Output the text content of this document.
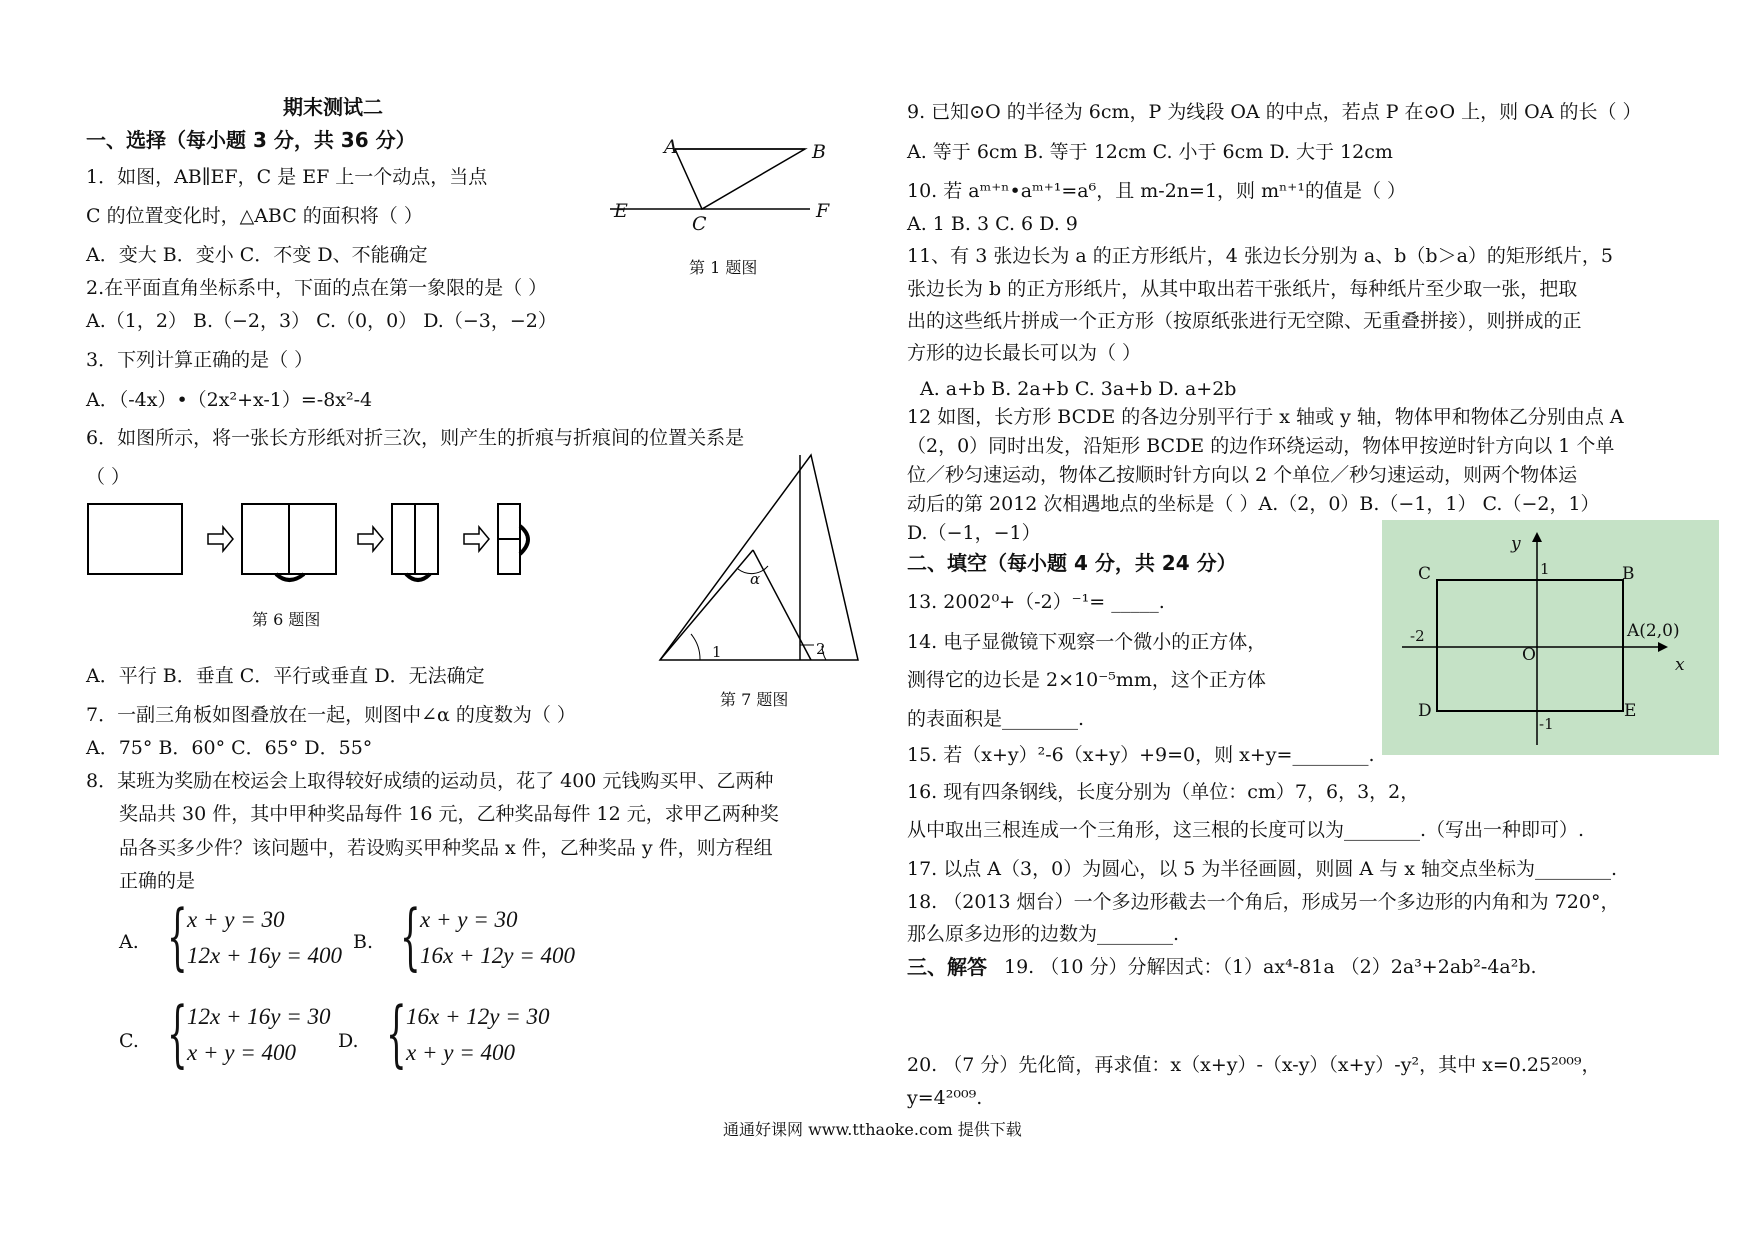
期末测试二
一、选择（每小题 3 分，共 36 分）
1．如图，AB∥EF，C 是 EF 上一个动点，当点
C 的位置变化时，△ABC 的面积将（ ）
A．变大 B．变小 C．不变 D、不能确定
A	B
E
C
F
第 1 题图
2.在平面直角坐标系中，下面的点在第一象限的是（ ）
A.（1，2） B.（−2，3） C.（0，0） D.（−3，−2）
3．下列计算正确的是（ ）
A．（-4x）•（2x²+x-1）=-8x²-4
6．如图所示，将一张长方形纸对折三次，则产生的折痕与折痕间的位置关系是
（ ）
第 6 题图
α
1	2
第 7 题图
A．平行 B．垂直 C．平行或垂直 D．无法确定
7．一副三角板如图叠放在一起，则图中∠α 的度数为（ ）
A．75° B．60° C．65° D．55°
8．某班为奖励在校运会上取得较好成绩的运动员，花了 400 元钱购买甲、乙两种
奖品共 30 件，其中甲种奖品每件 16 元，乙种奖品每件 12 元，求甲乙两种奖
品各买多少件？该问题中，若设购买甲种奖品 x 件，乙种奖品 y 件，则方程组
正确的是
A. { x + y = 30
12x + 16y = 400
B. { x + y = 30
16x + 12y = 400
C. { 12x + 16y = 30
x + y = 400 D. { 16x + 12y = 30
x + y = 400
9. 已知⊙O 的半径为 6cm，P 为线段 OA 的中点，若点 P 在⊙O 上，则 OA 的长（ ）
A. 等于 6cm B. 等于 12cm C. 小于 6cm D. 大于 12cm
10. 若 aᵐ⁺ⁿ•aᵐ⁺¹=a⁶，且 m-2n=1，则 mⁿ⁺¹的值是（ ）
A. 1 B. 3 C. 6 D. 9
11、有 3 张边长为 a 的正方形纸片，4 张边长分别为 a、b（b＞a）的矩形纸片，5
张边长为 b 的正方形纸片，从其中取出若干张纸片，每种纸片至少取一张，把取
出的这些纸片拼成一个正方形（按原纸张进行无空隙、无重叠拼接），则拼成的正
方形的边长最长可以为（ ）
A. a+b B. 2a+b C. 3a+b D. a+2b
12 如图，长方形 BCDE 的各边分别平行于 x 轴或 y 轴，物体甲和物体乙分别由点 A
（2，0）同时出发，沿矩形 BCDE 的边作环绕运动，物体甲按逆时针方向以 1 个单
位／秒匀速运动，物体乙按顺时针方向以 2 个单位／秒匀速运动，则两个物体运
动后的第 2012 次相遇地点的坐标是（ ）A.（2，0）B.（−1，1） C.（−2，1）
D.（−1，−1）	y
x
O
C	B
D	E
A(2,0)
1
-1
-2
二、填空（每小题 4 分，共 24 分）
13. 2002⁰+（-2）⁻¹= _____.
14. 电子显微镜下观察一个微小的正方体，
测得它的边长是 2×10⁻⁵mm，这个正方体
的表面积是________.
15. 若（x+y）²-6（x+y）+9=0，则 x+y=________.
16. 现有四条钢线，长度分别为（单位：cm）7，6，3，2，
从中取出三根连成一个三角形，这三根的长度可以为________.（写出一种即可）.
17. 以点 A（3，0）为圆心，以 5 为半径画圆，则圆 A 与 x 轴交点坐标为________.
18. （2013 烟台）一个多边形截去一个角后，形成另一个多边形的内角和为 720°，
那么原多边形的边数为________.
三、解答 19. （10 分）分解因式：（1）ax⁴-81a （2）2a³+2ab²-4a²b.
20. （7 分）先化简，再求值：x（x+y）-（x-y）（x+y）-y²，其中 x=0.25²⁰⁰⁹，
y=4²⁰⁰⁹.
通通好课网 www.tthaoke.com 提供下载
